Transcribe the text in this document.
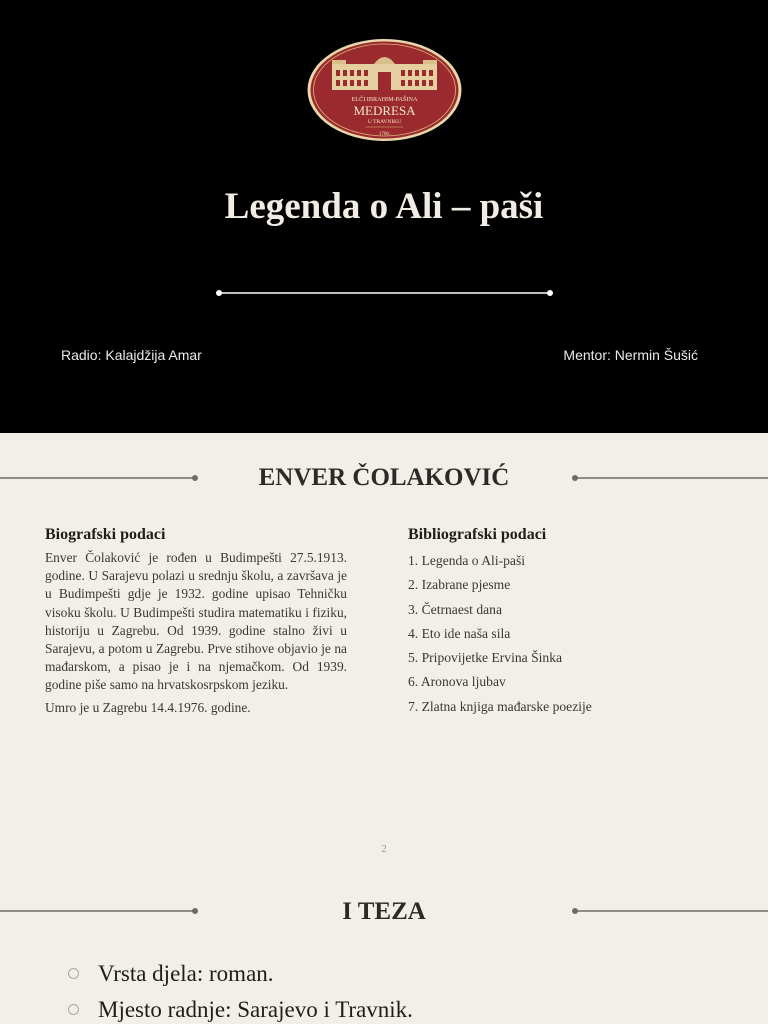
ELČI IBRAHIM-PAŠINA
MEDRESA
U TRAVNIKU
1706.
Legenda o Ali – paši
Radio: Kalajdžija Amar	Mentor: Nermin Šušić
ENVER ČOLAKOVIĆ
Biografski podaci

Enver Čolaković je rođen u Budimpešti 27.5.1913. godine. U Sarajevu polazi u srednju školu, a završava je u Budimpešti gdje je 1932. godine upisao Tehničku visoku školu. U Budimpešti studira matematiku i fiziku, historiju u Zagrebu. Od 1939. godine stalno živi u Sarajevu, a potom u Zagrebu. Prve stihove objavio je na mađarskom, a pisao je i na njemačkom. Od 1939. godine piše samo na hrvatskosrpskom jeziku.

Umro je u Zagrebu 14.4.1976. godine.

Bibliografski podaci
1. Legenda o Ali-paši
2. Izabrane pjesme
3. Četrnaest dana
4. Eto ide naša sila
5. Pripovijetke Ervina Šinka
6. Aronova ljubav
7. Zlatna knjiga mađarske poezije
2
I TEZA
Vrsta djela: roman.
Mjesto radnje: Sarajevo i Travnik.
